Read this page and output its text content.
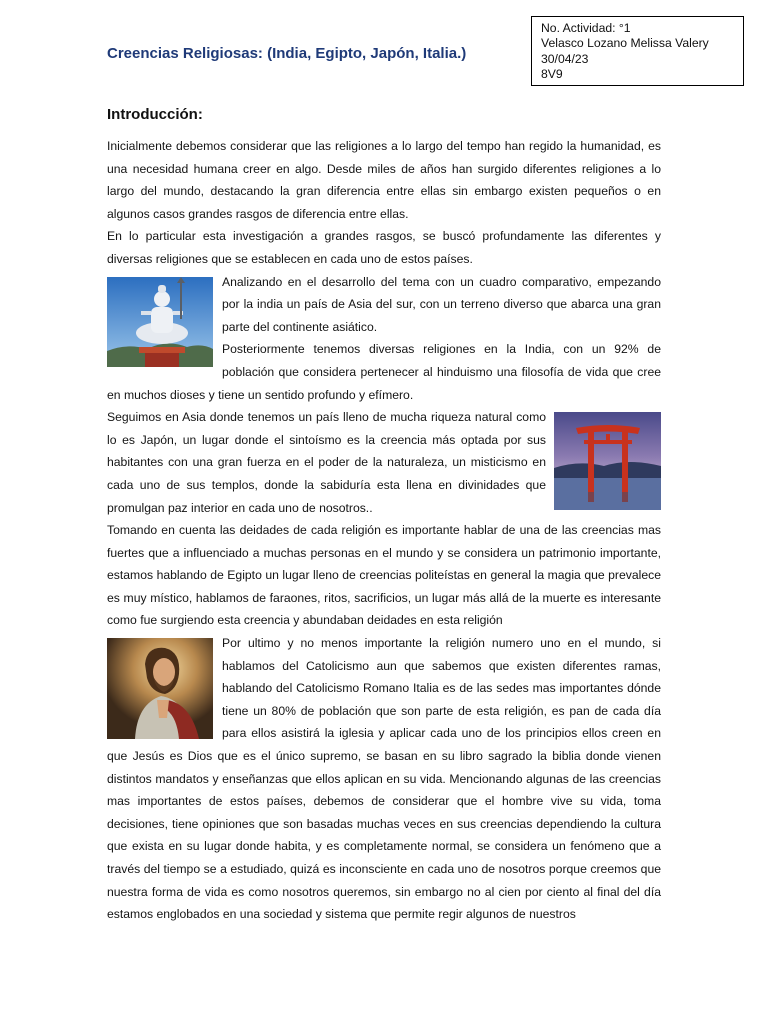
No. Actividad: °1
Velasco Lozano Melissa Valery
30/04/23
8V9
Creencias Religiosas: (India, Egipto, Japón, Italia.)
Introducción:

Inicialmente debemos considerar que las religiones a lo largo del tempo han regido la humanidad, es una necesidad humana creer en algo. Desde miles de años han surgido diferentes religiones a lo largo del mundo, destacando la gran diferencia entre ellas sin embargo existen pequeños o en algunos casos grandes rasgos de diferencia entre ellas.

En lo particular esta investigación a grandes rasgos, se buscó profundamente las diferentes y diversas religiones que se establecen en cada uno de estos países.

Analizando en el desarrollo del tema con un cuadro comparativo, empezando por la india un país de Asia del sur, con un terreno diverso que abarca una gran parte del continente asiático.

Posteriormente tenemos diversas religiones en la India, con un 92% de población que considera pertenecer al hinduismo una filosofía de vida que cree en muchos dioses y tiene un sentido profundo y efímero.

Seguimos en Asia donde tenemos un país lleno de mucha riqueza natural como lo es Japón, un lugar donde el sintoísmo es la creencia más optada por sus habitantes con una gran fuerza en el poder de la naturaleza, un misticismo en cada uno de sus templos, donde la sabiduría esta llena en divinidades que promulgan paz interior en cada uno de nosotros..

Tomando en cuenta las deidades de cada religión es importante hablar de una de las creencias mas fuertes que a influenciado a muchas personas en el mundo y se considera un patrimonio importante, estamos hablando de Egipto un lugar lleno de creencias politeístas en general la magia que prevalece es muy místico, hablamos de faraones, ritos, sacrificios, un lugar más allá de la muerte es interesante como fue surgiendo esta creencia y abundaban deidades en esta religión

Por ultimo y no menos importante la religión numero uno en el mundo, si hablamos del Catolicismo aun que sabemos que existen diferentes ramas, hablando del Catolicismo Romano Italia es de las sedes mas importantes dónde tiene un 80% de población que son parte de esta religión, es pan de cada día para ellos asistirá la iglesia y aplicar cada uno de los principios ellos creen en que Jesús es Dios que es el único supremo, se basan en su libro sagrado la biblia donde vienen distintos mandatos y enseñanzas que ellos aplican en su vida. Mencionando algunas de las creencias mas importantes de estos países, debemos de considerar que el hombre vive su vida, toma decisiones, tiene opiniones que son basadas muchas veces en sus creencias dependiendo la cultura que exista en su lugar donde habita, y es completamente normal, se considera un fenómeno que a través del tiempo se a estudiado, quizá es inconsciente en cada uno de nosotros porque creemos que nuestra forma de vida es como nosotros queremos, sin embargo no al cien por ciento al final del día estamos englobados en una sociedad y sistema que permite regir algunos de nuestros
